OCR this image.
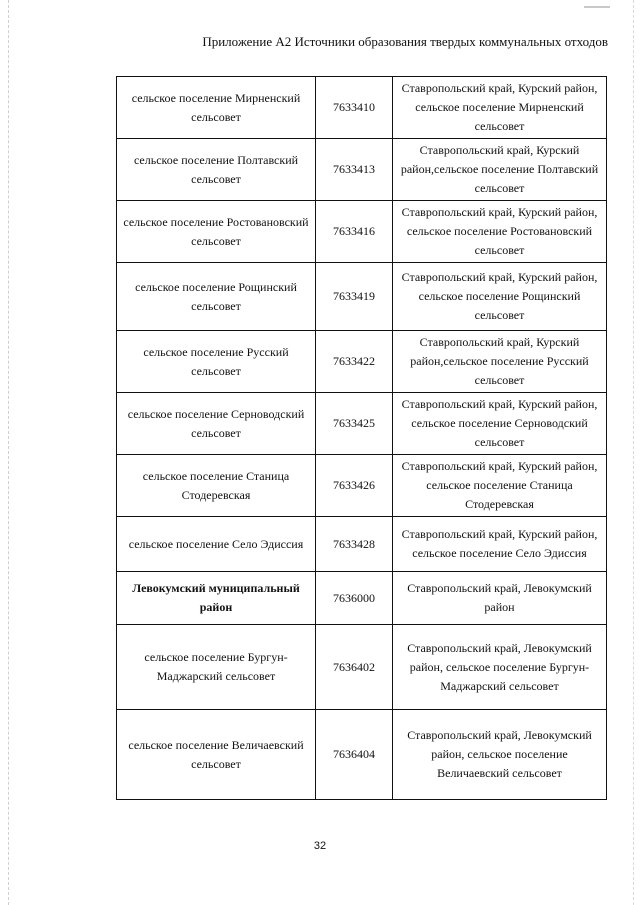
Приложение А2 Источники образования твердых коммунальных отходов
сельское поселение Мирненский сельсовет	7633410	Ставропольский край, Курский район, сельское поселение Мирненский сельсовет
сельское поселение Полтавский сельсовет	7633413	Ставропольский край, Курский район,сельское поселение Полтавский сельсовет
сельское поселение Ростовановский сельсовет	7633416	Ставропольский край, Курский район, сельское поселение Ростовановский сельсовет
сельское поселение Рощинский сельсовет	7633419	Ставропольский край, Курский район, сельское поселение Рощинский сельсовет
сельское поселение Русский сельсовет	7633422	Ставропольский край, Курский район,сельское поселение Русский сельсовет
сельское поселение Серноводский сельсовет	7633425	Ставропольский край, Курский район, сельское поселение Серноводский сельсовет
сельское поселение Станица Стодеревская	7633426	Ставропольский край, Курский район, сельское поселение Станица Стодеревская
сельское поселение Село Эдиссия	7633428	Ставропольский край, Курский район, сельское поселение Село Эдиссия
Левокумский муниципальный район	7636000	Ставропольский край, Левокумский район
сельское поселение Бургун-Маджарский сельсовет	7636402	Ставропольский край, Левокумский район, сельское поселение Бургун-Маджарский сельсовет
сельское поселение Величаевский сельсовет	7636404	Ставропольский край, Левокумский район, сельское поселение Величаевский сельсовет
32
